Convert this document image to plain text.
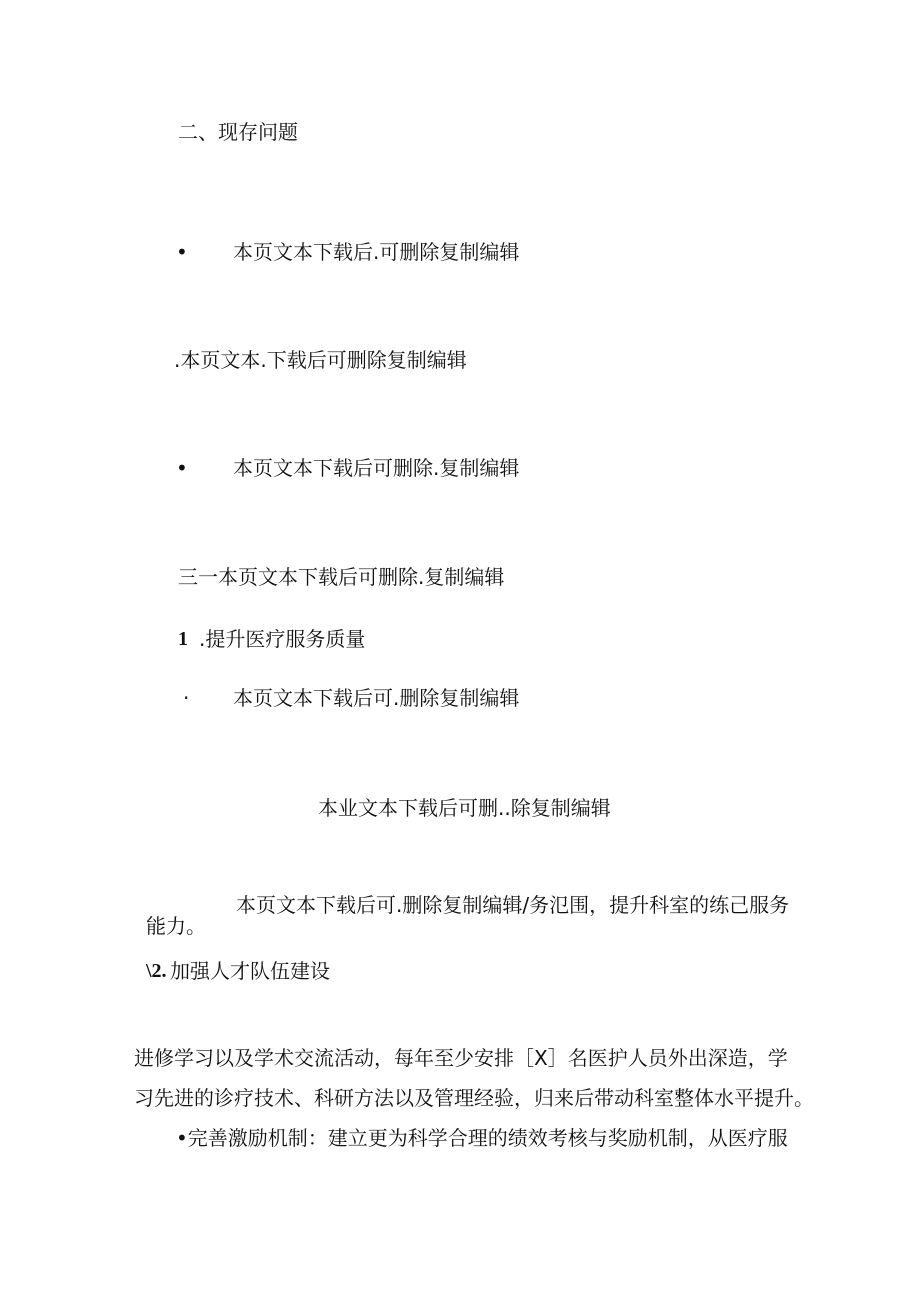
二、现存问题
• 本页文本下载后.可删除复制编辑
.本页文本.下载后可删除复制编辑
• 本页文本下载后可删除.复制编辑
三一本页文本下载后可删除.复制编辑
1 .提升医疗服务质量
· 本页文本下载后可.删除复制编辑
本业文本下载后可删..除复制编辑
本页文本下载后可.删除复制编辑/务氾围，提升科室的练己服务
能力。
\2. 加强人才队伍建设
进修学习以及学术交流活动，每年至少安排［X］名医护人员外出深造，学
习先进的诊疗技术、科研方法以及管理经验，归来后带动科室整体水平提升。
•完善激励机制：建立更为科学合理的绩效考核与奖励机制，从医疗服
